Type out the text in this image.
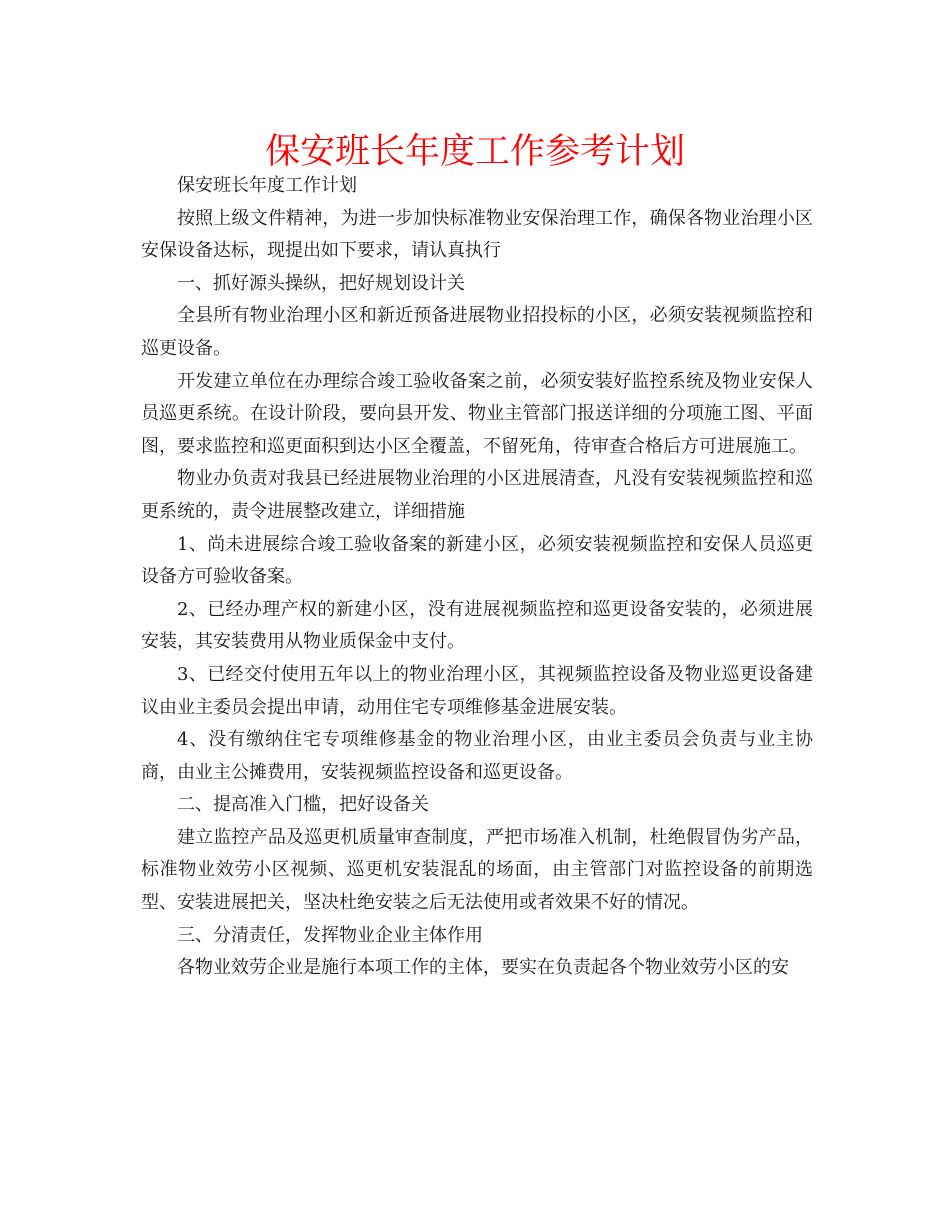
保安班长年度工作参考计划

保安班长年度工作计划

按照上级文件精神，为进一步加快标准物业安保治理工作，确保各物业治理小区安保设备达标，现提出如下要求，请认真执行

一、抓好源头操纵，把好规划设计关

全县所有物业治理小区和新近预备进展物业招投标的小区，必须安装视频监控和巡更设备。

开发建立单位在办理综合竣工验收备案之前，必须安装好监控系统及物业安保人员巡更系统。在设计阶段，要向县开发、物业主管部门报送详细的分项施工图、平面图，要求监控和巡更面积到达小区全覆盖，不留死角，待审查合格后方可进展施工。

物业办负责对我县已经进展物业治理的小区进展清查，凡没有安装视频监控和巡更系统的，责令进展整改建立，详细措施

1、尚未进展综合竣工验收备案的新建小区，必须安装视频监控和安保人员巡更设备方可验收备案。

2、已经办理产权的新建小区，没有进展视频监控和巡更设备安装的，必须进展安装，其安装费用从物业质保金中支付。

3、已经交付使用五年以上的物业治理小区，其视频监控设备及物业巡更设备建议由业主委员会提出申请，动用住宅专项维修基金进展安装。

4、没有缴纳住宅专项维修基金的物业治理小区，由业主委员会负责与业主协商，由业主公摊费用，安装视频监控设备和巡更设备。

二、提高准入门槛，把好设备关

建立监控产品及巡更机质量审查制度，严把市场准入机制，杜绝假冒伪劣产品，标准物业效劳小区视频、巡更机安装混乱的场面，由主管部门对监控设备的前期选型、安装进展把关，坚决杜绝安装之后无法使用或者效果不好的情况。

三、分清责任，发挥物业企业主体作用

各物业效劳企业是施行本项工作的主体，要实在负责起各个物业效劳小区的安
